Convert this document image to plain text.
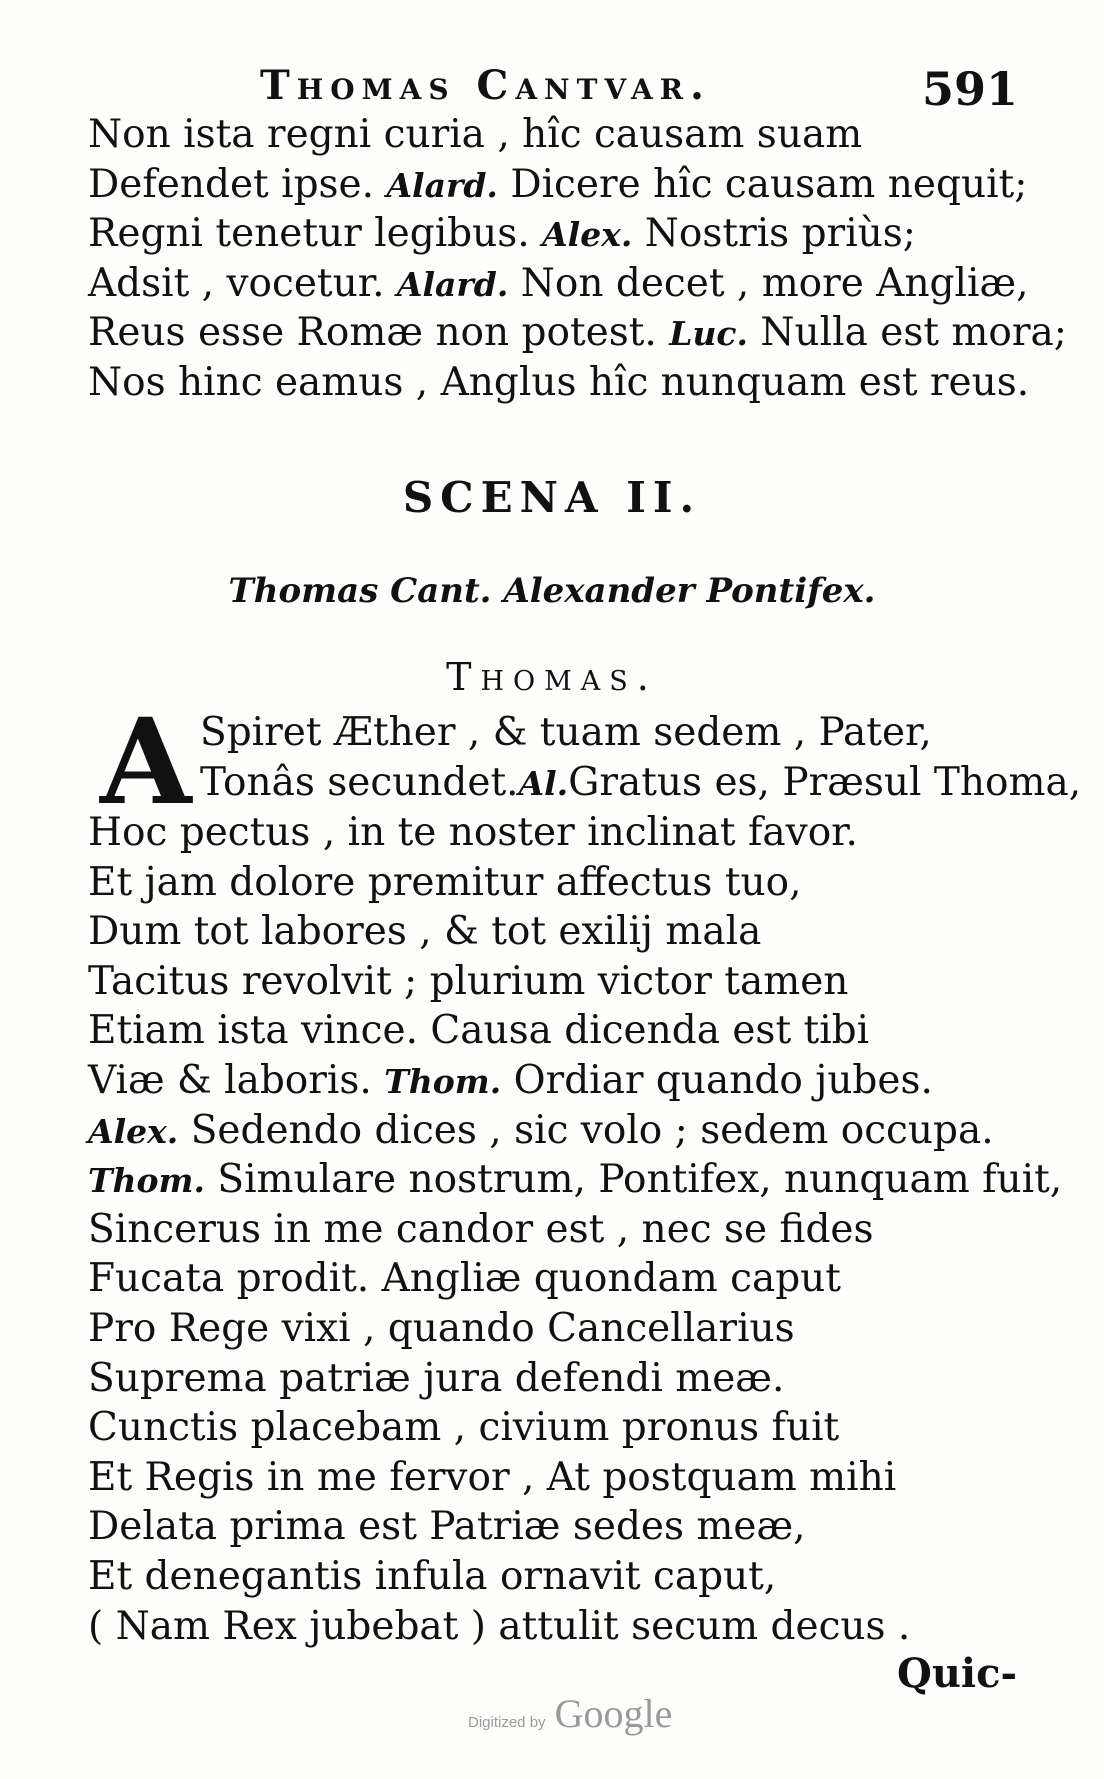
Thomas Cantvar.	591
Non ista regni curia , hîc causam suam
Defendet ipse. Alard. Dicere hîc causam nequit;
Regni tenetur legibus. Alex. Nostris priùs;
Adsit , vocetur. Alard. Non decet , more Angliæ,
Reus esse Romæ non potest. Luc. Nulla est mora;
Nos hinc eamus , Anglus hîc nunquam est reus.
SCENA II.
Thomas Cant. Alexander Pontifex.
Thomas.
A Spiret Æther , & tuam sedem , Pater,
Tonâs secundet.Al.Gratus es, Præsul Thoma,
Hoc pectus , in te noster inclinat favor.
Et jam dolore premitur affectus tuo,
Dum tot labores , & tot exilij mala
Tacitus revolvit ; plurium victor tamen
Etiam ista vince. Causa dicenda est tibi
Viæ & laboris. Thom. Ordiar quando jubes.
Alex. Sedendo dices , sic volo ; sedem occupa.
Thom. Simulare nostrum, Pontifex, nunquam fuit,
Sincerus in me candor est , nec se fides
Fucata prodit. Angliæ quondam caput
Pro Rege vixi , quando Cancellarius
Suprema patriæ jura defendi meæ.
Cunctis placebam , civium pronus fuit
Et Regis in me fervor , At postquam mihi
Delata prima est Patriæ sedes meæ,
Et denegantis infula ornavit caput,
( Nam Rex jubebat ) attulit secum decus .
Quic-
Digitized by Google
